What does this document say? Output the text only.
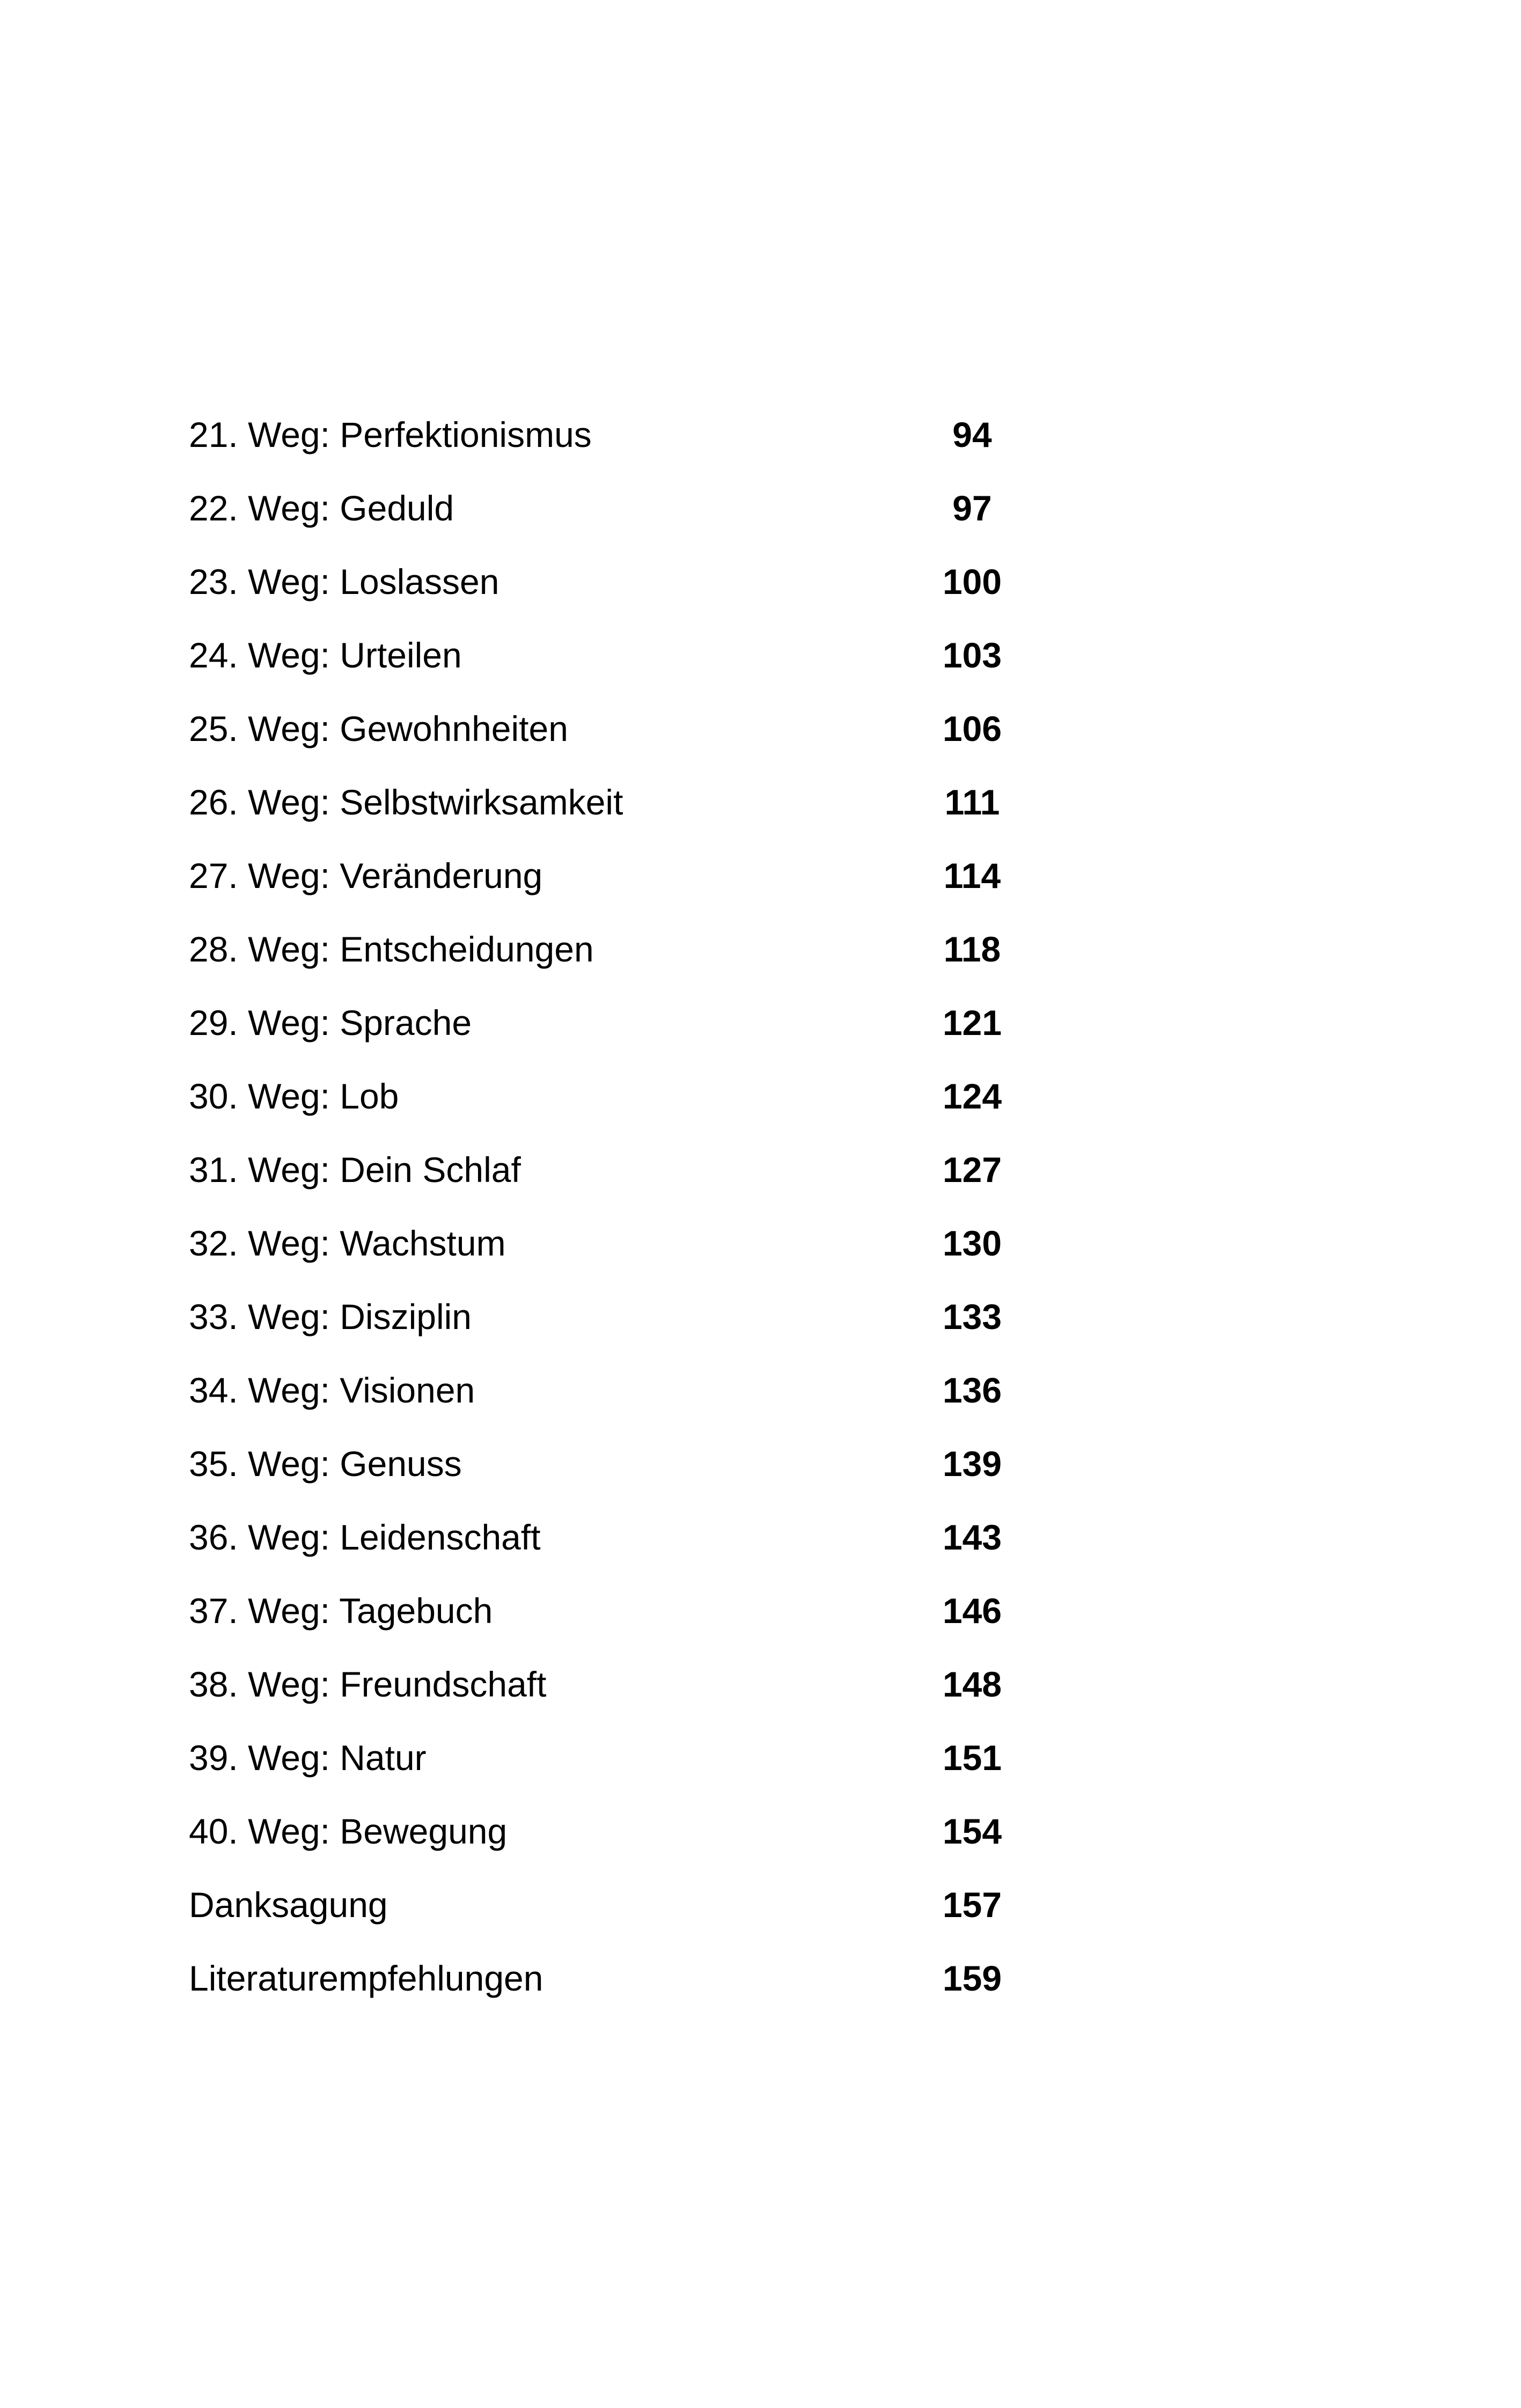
21. Weg: Perfektionismus	94
22. Weg: Geduld	97
23. Weg: Loslassen	100
24. Weg: Urteilen	103
25. Weg: Gewohnheiten	106
26. Weg: Selbstwirksamkeit	111
27. Weg: Veränderung	114
28. Weg: Entscheidungen	118
29. Weg: Sprache	121
30. Weg: Lob	124
31. Weg: Dein Schlaf	127
32. Weg: Wachstum	130
33. Weg: Disziplin	133
34. Weg: Visionen	136
35. Weg: Genuss	139
36. Weg: Leidenschaft	143
37. Weg: Tagebuch	146
38. Weg: Freundschaft	148
39. Weg: Natur	151
40. Weg: Bewegung	154
Danksagung	157
Literaturempfehlungen	159
